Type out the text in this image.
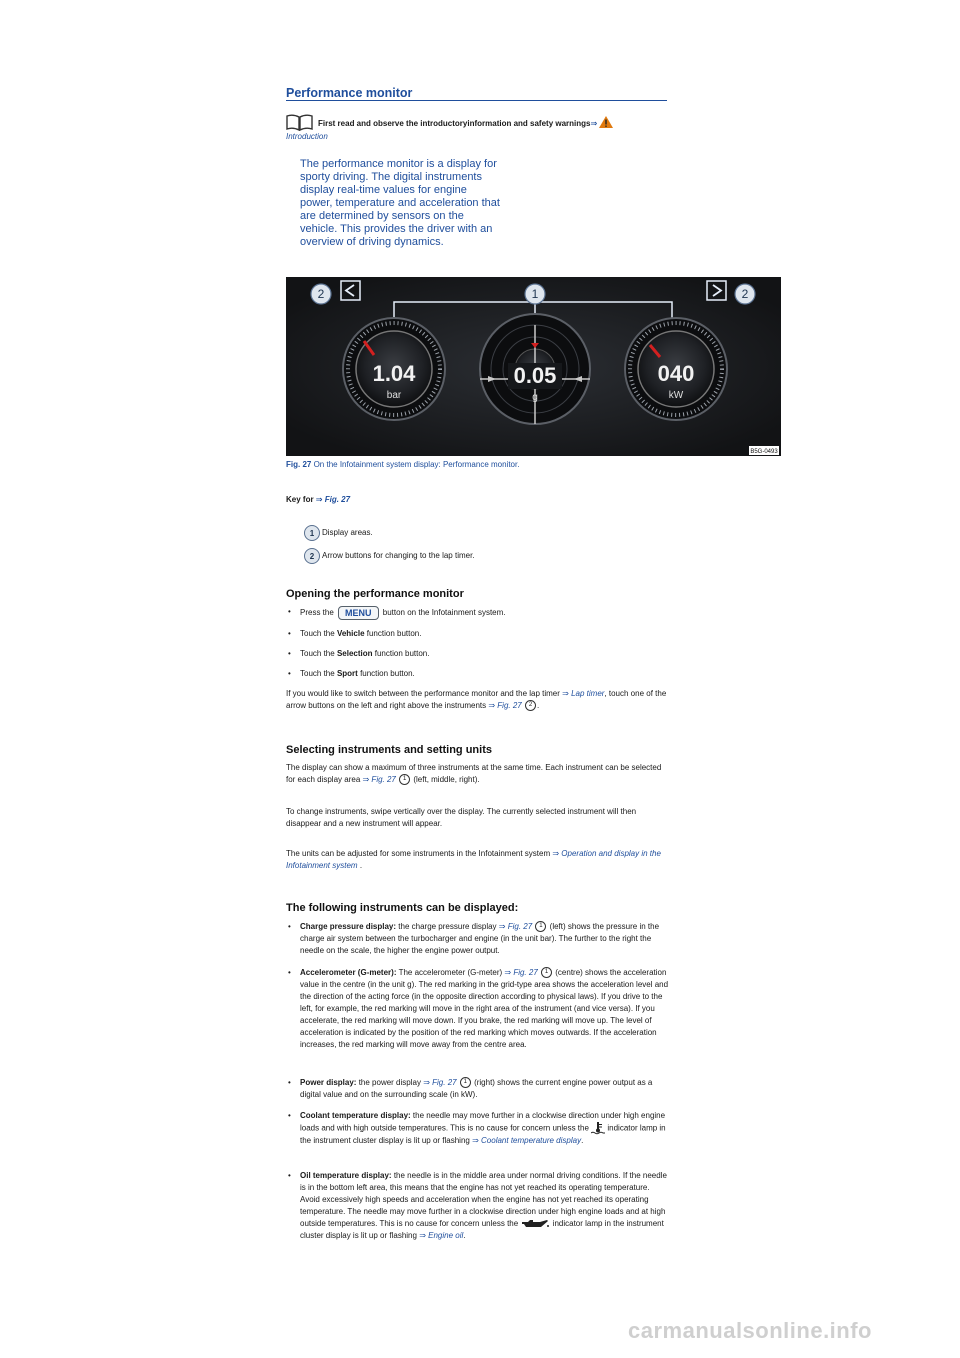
Performance monitor
First read and observe the introductoryinformation and safety warnings⇒
Introduction
The performance monitor is a display for sporty driving. The digital instruments display real-time values for engine power, temperature and acceleration that are determined by sensors on the vehicle. This provides the driver with an overview of driving dynamics.
1.04
bar
0.05
g
040
kW
2	1	2
B5G-0493
Fig. 27 On the Infotainment system display: Performance monitor.
Key for ⇒ Fig. 27
1 Display areas.
2 Arrow buttons for changing to the lap timer.
Opening the performance monitor
• Press the MENU button on the Infotainment system.
• Touch the Vehicle function button.
• Touch the Selection function button.
• Touch the Sport function button.
If you would like to switch between the performance monitor and the lap timer ⇒ Lap timer, touch one of the arrow buttons on the left and right above the instruments ⇒ Fig. 27 2 .
Selecting instruments and setting units
The display can show a maximum of three instruments at the same time. Each instrument can be selected for each display area ⇒ Fig. 27 1 (left, middle, right).
To change instruments, swipe vertically over the display. The currently selected instrument will then disappear and a new instrument will appear.
The units can be adjusted for some instruments in the Infotainment system ⇒ Operation and display in the Infotainment system .
The following instruments can be displayed:
• Charge pressure display: the charge pressure display ⇒ Fig. 27 1 (left) shows the pressure in the charge air system between the turbocharger and engine (in the unit bar). The further to the right the needle on the scale, the higher the engine power output.
• Accelerometer (G-meter): The accelerometer (G-meter) ⇒ Fig. 27 1 (centre) shows the acceleration value in the centre (in the unit g). The red marking in the grid-type area shows the acceleration level and the direction of the acting force (in the opposite direction according to physical laws). If you drive to the left, for example, the red marking will move in the right area of the instrument (and vice versa). If you accelerate, the red marking will move down. If you brake, the red marking will move up. The level of acceleration is indicated by the position of the red marking which moves outwards. If the acceleration increases, the red marking will move away from the centre area.
• Power display: the power display ⇒ Fig. 27 1 (right) shows the current engine power output as a digital value and on the surrounding scale (in kW).
• Coolant temperature display: the needle may move further in a clockwise direction under high engine loads and with high outside temperatures. This is no cause for concern unless the indicator lamp in the instrument cluster display is lit up or flashing ⇒ Coolant temperature display.
• Oil temperature display: the needle is in the middle area under normal driving conditions. If the needle is in the bottom left area, this means that the engine has not yet reached its operating temperature. Avoid excessively high speeds and acceleration when the engine has not yet reached its operating temperature. The needle may move further in a clockwise direction under high engine loads and at high outside temperatures. This is no cause for concern unless the	indicator lamp in the instrument cluster display is lit up or flashing ⇒ Engine oil.
carmanualsonline.info
